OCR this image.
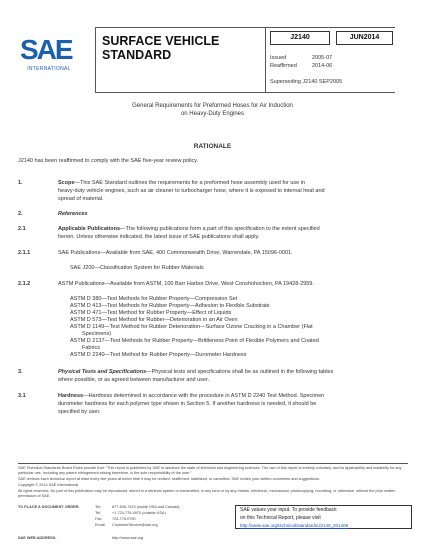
SAE
INTERNATIONAL
SURFACE VEHICLE
STANDARD
J2140	JUN2014
Issued	2005-07
Reaffirmed	2014-06
Superseding J2140 SEP2005
General Requirements for Preformed Hoses for Air Induction
on Heavy-Duty Engines
RATIONALE
J2140 has been reaffirmed to comply with the SAE five-year review policy.
1.	Scope—This SAE Standard outlines the requirements for a preformed hose assembly used for use in
heavy-duty vehicle engines, such as air cleaner to turbocharger hose, where it is exposed to internal heat and
spread of material.
2.	References
2.1	Applicable Publications—The following publications form a part of this specification to the extent specified
herein. Unless otherwise indicated, the latest issue of SAE publications shall apply.
2.1.1	SAE Publications—Available from SAE, 400 Commonwealth Drive, Warrendale, PA 15096-0001.
SAE J200—Classification System for Rubber Materials
2.1.2	ASTM Publications—Available from ASTM, 100 Barr Harbor Drive, West Conshohocken, PA 19428-2959.
ASTM D 380—Test Methods for Rubber Property—Compression Set
ASTM D 413—Test Methods for Rubber Property—Adhesion to Flexible Substrate
ASTM D 471—Test Method for Rubber Property—Effect of Liquids
ASTM D 573—Test Method for Rubber—Deterioration in an Air Oven
ASTM D 1149—Test Method for Rubber Deterioration—Surface Ozone Cracking in a Chamber (Flat
Specimens)
ASTM D 2137—Test Methods for Rubber Property—Brittleness Point of Flexible Polymers and Coated
Fabrics
ASTM D 2240—Test Method for Rubber Property—Durometer Hardness
3.	Physical Tests and Specifications—Physical tests and specifications shall be as outlined in the following tables
where possible, or as agreed between manufacturer and user.
3.1	Hardness—Hardness determined in accordance with the procedure in ASTM D 2240 Test Method. Specimen
durometer hardness for each polymer type shown in Section 5. If another hardness is needed, it should be
specified by user.
SAE Technical Standards Board Rules provide that: "This report is published by SAE to advance the state of technical and engineering sciences. The use of this report is entirely voluntary, and its applicability and suitability for any particular use, including any patent infringement arising therefrom, is the sole responsibility of the user."
SAE reviews each technical report at least every five years at which time it may be revised, reaffirmed, stabilized, or cancelled. SAE invites your written comments and suggestions.
Copyright © 2014 SAE International
All rights reserved. No part of this publication may be reproduced, stored in a retrieval system or transmitted, in any form or by any means, electronic, mechanical, photocopying, recording, or otherwise, without the prior written permission of SAE.
TO PLACE A DOCUMENT ORDER:	Tel:	877-606-7323 (inside USA and Canada)
Tel:	+1 724-776-4970 (outside USA)
Fax:	724-776-0790
Email: CustomerService@sae.org
SAE WEB ADDRESS:	http://www.sae.org
SAE values your input. To provide feedback
on this Technical Report, please visit
http://www.sae.org/technical/standards/J2140_201406
